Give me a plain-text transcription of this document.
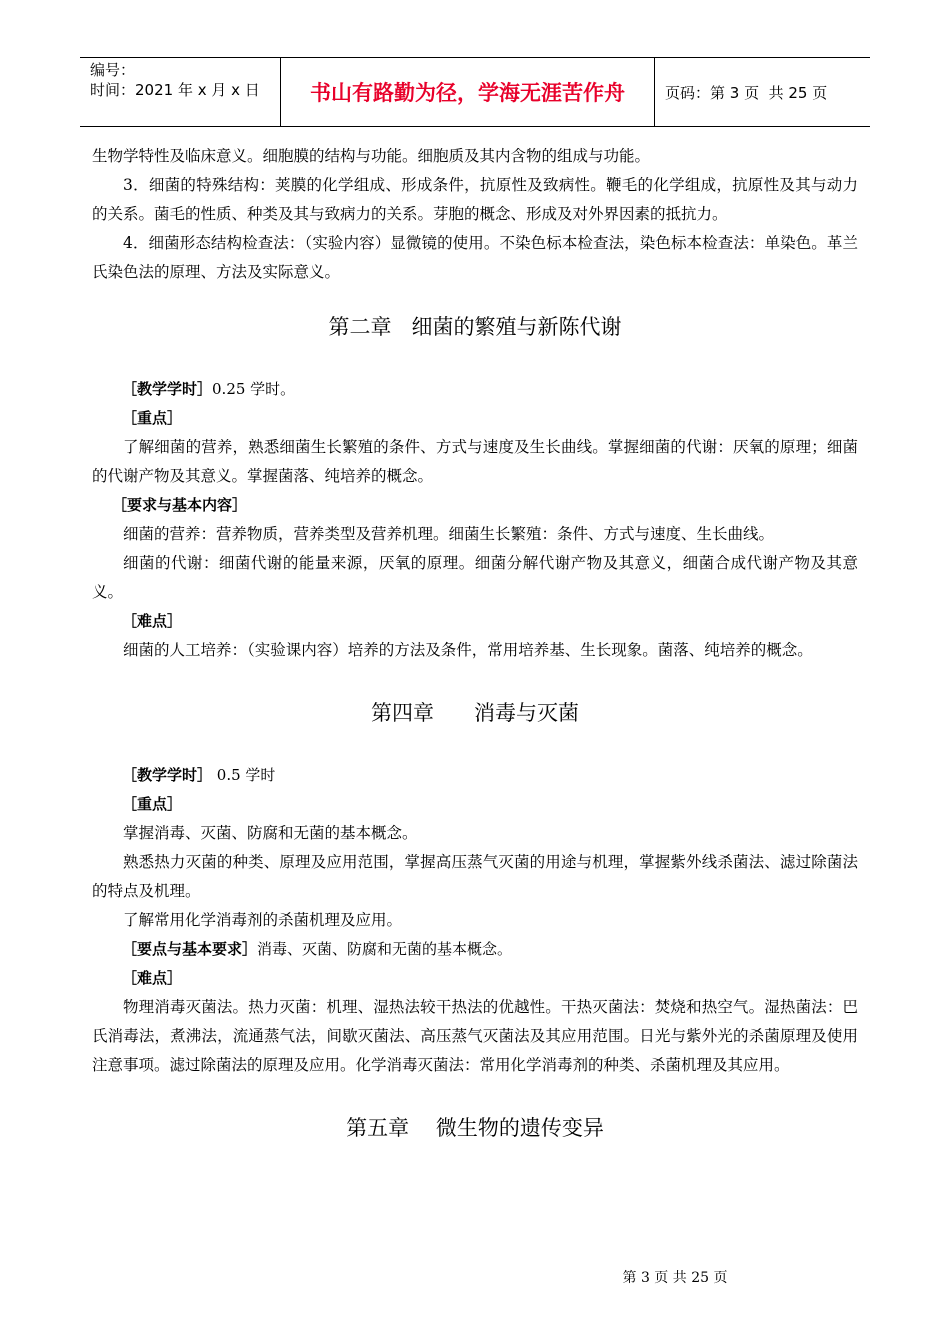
编号：
时间：2021 年 x 月 x 日	书山有路勤为径，学海无涯苦作舟	页码：第 3 页  共 25 页

生物学特性及临床意义。细胞膜的结构与功能。细胞质及其内含物的组成与功能。

3．细菌的特殊结构：荚膜的化学组成、形成条件，抗原性及致病性。鞭毛的化学组成，抗原性及其与动力的关系。菌毛的性质、种类及其与致病力的关系。芽胞的概念、形成及对外界因素的抵抗力。

4．细菌形态结构检查法：（实验内容）显微镜的使用。不染色标本检查法，染色标本检查法：单染色。革兰氏染色法的原理、方法及实际意义。

第二章   细菌的繁殖与新陈代谢

［教学学时］0.25 学时。

［重点］

了解细菌的营养，熟悉细菌生长繁殖的条件、方式与速度及生长曲线。掌握细菌的代谢：厌氧的原理；细菌的代谢产物及其意义。掌握菌落、纯培养的概念。

［要求与基本内容］

细菌的营养：营养物质，营养类型及营养机理。细菌生长繁殖：条件、方式与速度、生长曲线。

细菌的代谢：细菌代谢的能量来源，厌氧的原理。细菌分解代谢产物及其意义，细菌合成代谢产物及其意义。

［难点］

细菌的人工培养：（实验课内容）培养的方法及条件，常用培养基、生长现象。菌落、纯培养的概念。

第四章      消毒与灭菌

［教学学时］ 0.5 学时

［重点］

掌握消毒、灭菌、防腐和无菌的基本概念。

熟悉热力灭菌的种类、原理及应用范围，掌握高压蒸气灭菌的用途与机理，掌握紫外线杀菌法、滤过除菌法的特点及机理。

了解常用化学消毒剂的杀菌机理及应用。

［要点与基本要求］消毒、灭菌、防腐和无菌的基本概念。

［难点］

物理消毒灭菌法。热力灭菌：机理、湿热法较干热法的优越性。干热灭菌法：焚烧和热空气。湿热菌法：巴氏消毒法，煮沸法，流通蒸气法，间歇灭菌法、高压蒸气灭菌法及其应用范围。日光与紫外光的杀菌原理及使用注意事项。滤过除菌法的原理及应用。化学消毒灭菌法：常用化学消毒剂的种类、杀菌机理及其应用。

第五章    微生物的遗传变异

第 3 页 共 25 页
